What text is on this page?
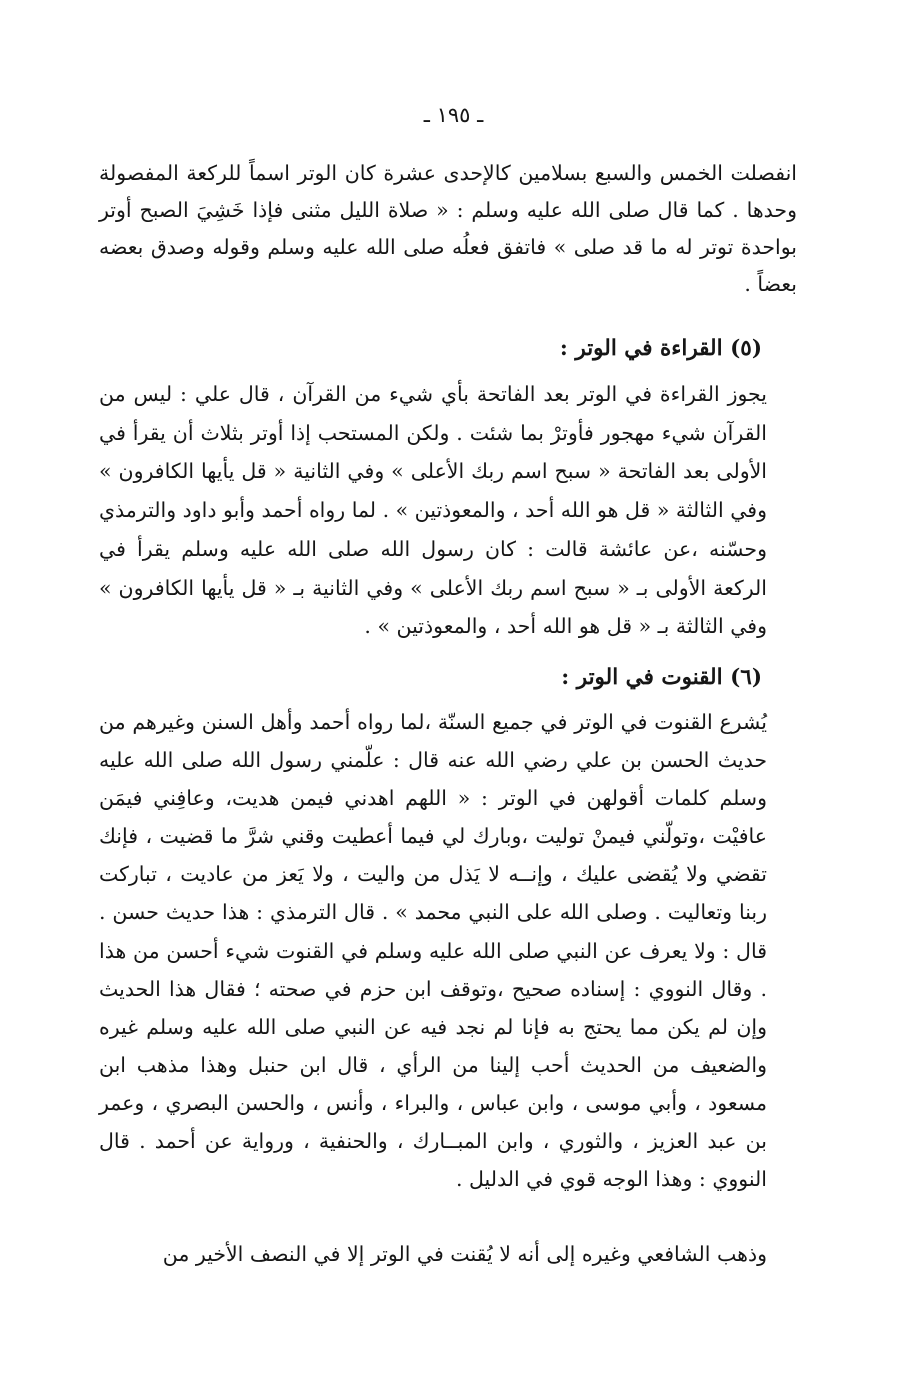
ـ ١٩٥ ـ

انفصلت الخمس والسبع بسلامين كالإحدى عشرة كان الوتر اسماً للركعة المفصولة وحدها . كما قال صلى الله عليه وسلم : « صلاة الليل مثنى فإذا خَشِيَ الصبح أوتر بواحدة توتر له ما قد صلى » فاتفق فعلُه صلى الله عليه وسلم وقوله وصدق بعضه بعضاً .

(٥) القراءة في الوتر :

يجوز القراءة في الوتر بعد الفاتحة بأي شيء من القرآن ، قال علي : ليس من القرآن شيء مهجور فأوترْ بما شئت . ولكن المستحب إذا أوتر بثلاث أن يقرأ في الأولى بعد الفاتحة « سبح اسم ربك الأعلى » وفي الثانية « قل يأيها الكافرون » وفي الثالثة « قل هو الله أحد ، والمعوذتين » . لما رواه أحمد وأبو داود والترمذي وحسّنه ،عن عائشة قالت : كان رسول الله صلى الله عليه وسلم يقرأ في الركعة الأولى بـ « سبح اسم ربك الأعلى » وفي الثانية بـ « قل يأيها الكافرون » وفي الثالثة بـ « قل هو الله أحد ، والمعوذتين » .

(٦) القنوت في الوتر :

يُشرع القنوت في الوتر في جميع السنّة ،لما رواه أحمد وأهل السنن وغيرهم من حديث الحسن بن علي رضي الله عنه قال : علّمني رسول الله صلى الله عليه وسلم كلمات أقولهن في الوتر : « اللهم اهدني فيمن هديت، وعافِني فيمَن عافيْت ،وتولّني فيمنْ توليت ،وبارك لي فيما أعطيت وقني شرَّ ما قضيت ، فإنك تقضي ولا يُقضى عليك ، وإنــه لا يَذل من واليت ، ولا يَعز من عاديت ، تباركت ربنا وتعاليت . وصلى الله على النبي محمد » . قال الترمذي : هذا حديث حسن . قال : ولا يعرف عن النبي صلى الله عليه وسلم في القنوت شيء أحسن من هذا . وقال النووي : إسناده صحيح ،وتوقف ابن حزم في صحته ؛ فقال هذا الحديث وإن لم يكن مما يحتج به فإنا لم نجد فيه عن النبي صلى الله عليه وسلم غيره والضعيف من الحديث أحب إلينا من الرأي ، قال ابن حنبل وهذا مذهب ابن مسعود ، وأبي موسى ، وابن عباس ، والبراء ، وأنس ، والحسن البصري ، وعمر بن عبد العزيز ، والثوري ، وابن المبــارك ، والحنفية ، ورواية عن أحمد . قال النووي : وهذا الوجه قوي في الدليل .

وذهب الشافعي وغيره إلى أنه لا يُقنت في الوتر إلا في النصف الأخير من
